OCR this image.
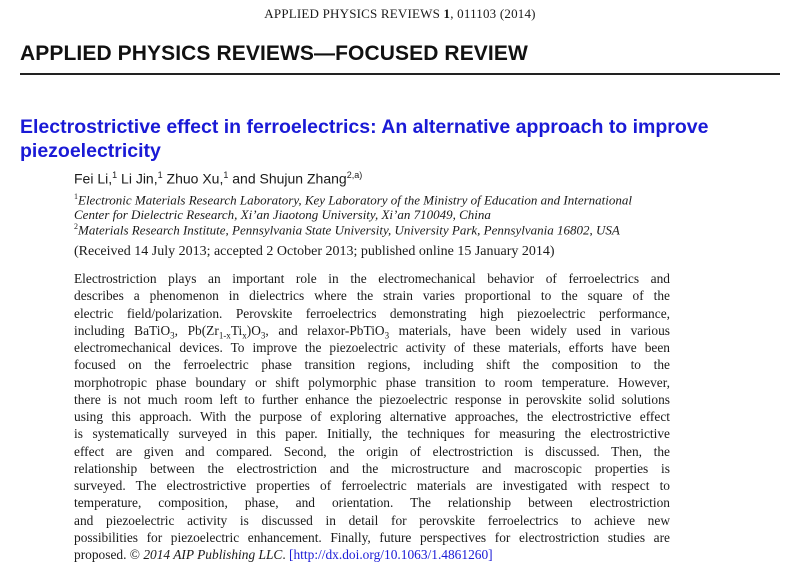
APPLIED PHYSICS REVIEWS 1, 011103 (2014)
APPLIED PHYSICS REVIEWS—FOCUSED REVIEW
Electrostrictive effect in ferroelectrics: An alternative approach to improve
piezoelectricity
Fei Li,$^1$ Li Jin,$^1$ Zhuo Xu,$^1$ and Shujun Zhang$^{2,a)}$
$^1$Electronic Materials Research Laboratory, Key Laboratory of the Ministry of Education and International
Center for Dielectric Research, Xi’an Jiaotong University, Xi’an 710049, China
$^2$Materials Research Institute, Pennsylvania State University, University Park, Pennsylvania 16802, USA
(Received 14 July 2013; accepted 2 October 2013; published online 15 January 2014)
Electrostriction plays an important role in the electromechanical behavior of ferroelectrics and
describes a phenomenon in dielectrics where the strain varies proportional to the square of the
electric field/polarization. Perovskite ferroelectrics demonstrating high piezoelectric performance,
including BaTiO$_3$, $Pb(Zr_{1-x}Ti_x)O_3$, and relaxor-PbTiO$_3$ materials, have been widely used in various
electromechanical devices. To improve the piezoelectric activity of these materials, efforts have been
focused on the ferroelectric phase transition regions, including shift the composition to the
morphotropic phase boundary or shift polymorphic phase transition to room temperature. However,
there is not much room left to further enhance the piezoelectric response in perovskite solid solutions
using this approach. With the purpose of exploring alternative approaches, the electrostrictive effect
is systematically surveyed in this paper. Initially, the techniques for measuring the electrostrictive
effect are given and compared. Second, the origin of electrostriction is discussed. Then, the
relationship between the electrostriction and the microstructure and macroscopic properties is
surveyed. The electrostrictive properties of ferroelectric materials are investigated with respect to
temperature, composition, phase, and orientation. The relationship between electrostriction
and piezoelectric activity is discussed in detail for perovskite ferroelectrics to achieve new
possibilities for piezoelectric enhancement. Finally, future perspectives for electrostriction studies are
proposed. © 2014 AIP Publishing LLC. [http://dx.doi.org/10.1063/1.4861260]
